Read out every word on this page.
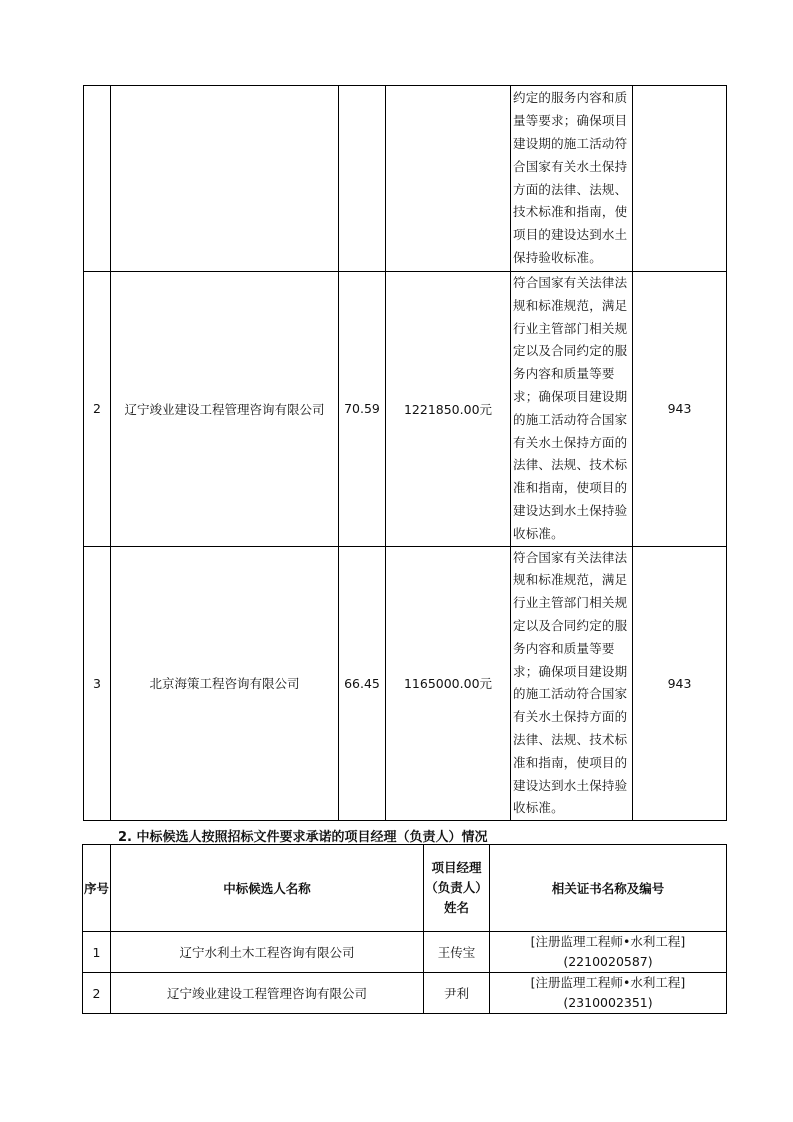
				约定的服务内容和质量等要求；确保项目建设期的施工活动符合国家有关水土保持方面的法律、法规、技术标准和指南，使项目的建设达到水土保持验收标准。	
2	辽宁竣业建设工程管理咨询有限公司	70.59	1221850.00元	符合国家有关法律法规和标准规范，满足行业主管部门相关规定以及合同约定的服务内容和质量等要求；确保项目建设期的施工活动符合国家有关水土保持方面的法律、法规、技术标准和指南，使项目的建设达到水土保持验收标准。	943
3	北京海策工程咨询有限公司	66.45	1165000.00元	符合国家有关法律法规和标准规范，满足行业主管部门相关规定以及合同约定的服务内容和质量等要求；确保项目建设期的施工活动符合国家有关水土保持方面的法律、法规、技术标准和指南，使项目的建设达到水土保持验收标准。	943
2. 中标候选人按照招标文件要求承诺的项目经理（负责人）情况
序号	中标候选人名称	项目经理（负责人）姓名	相关证书名称及编号
1	辽宁水利土木工程咨询有限公司	王传宝	[注册监理工程师•水利工程](2210020587)
2	辽宁竣业建设工程管理咨询有限公司	尹利	[注册监理工程师•水利工程](2310002351)
